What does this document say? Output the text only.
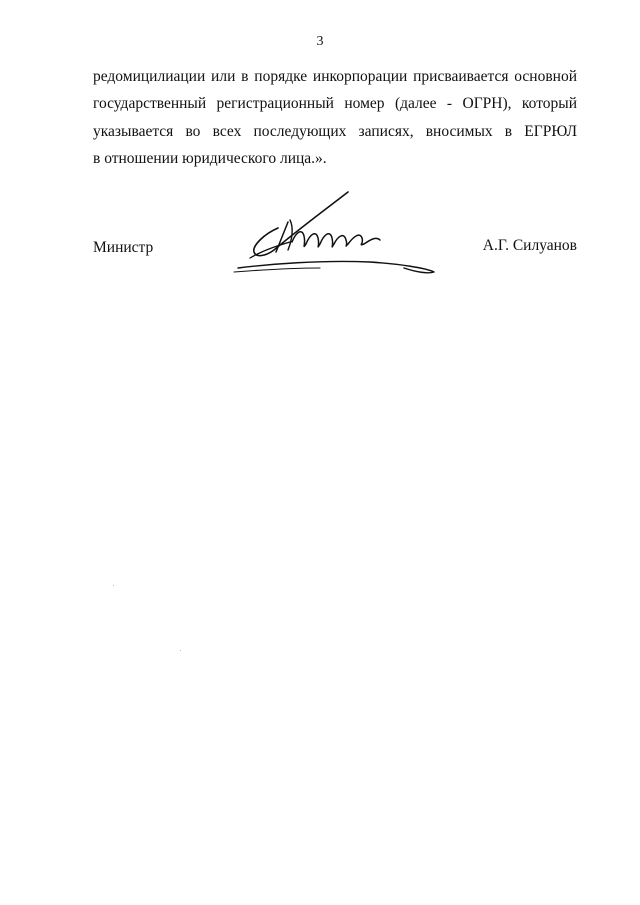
3
редомицилиации или в порядке инкорпорации присваивается основной
государственный регистрационный номер (далее - ОГРН), который
указывается во всех последующих записях, вносимых в ЕГРЮЛ
в отношении юридического лица.».
Министр	А.Г. Силуанов
